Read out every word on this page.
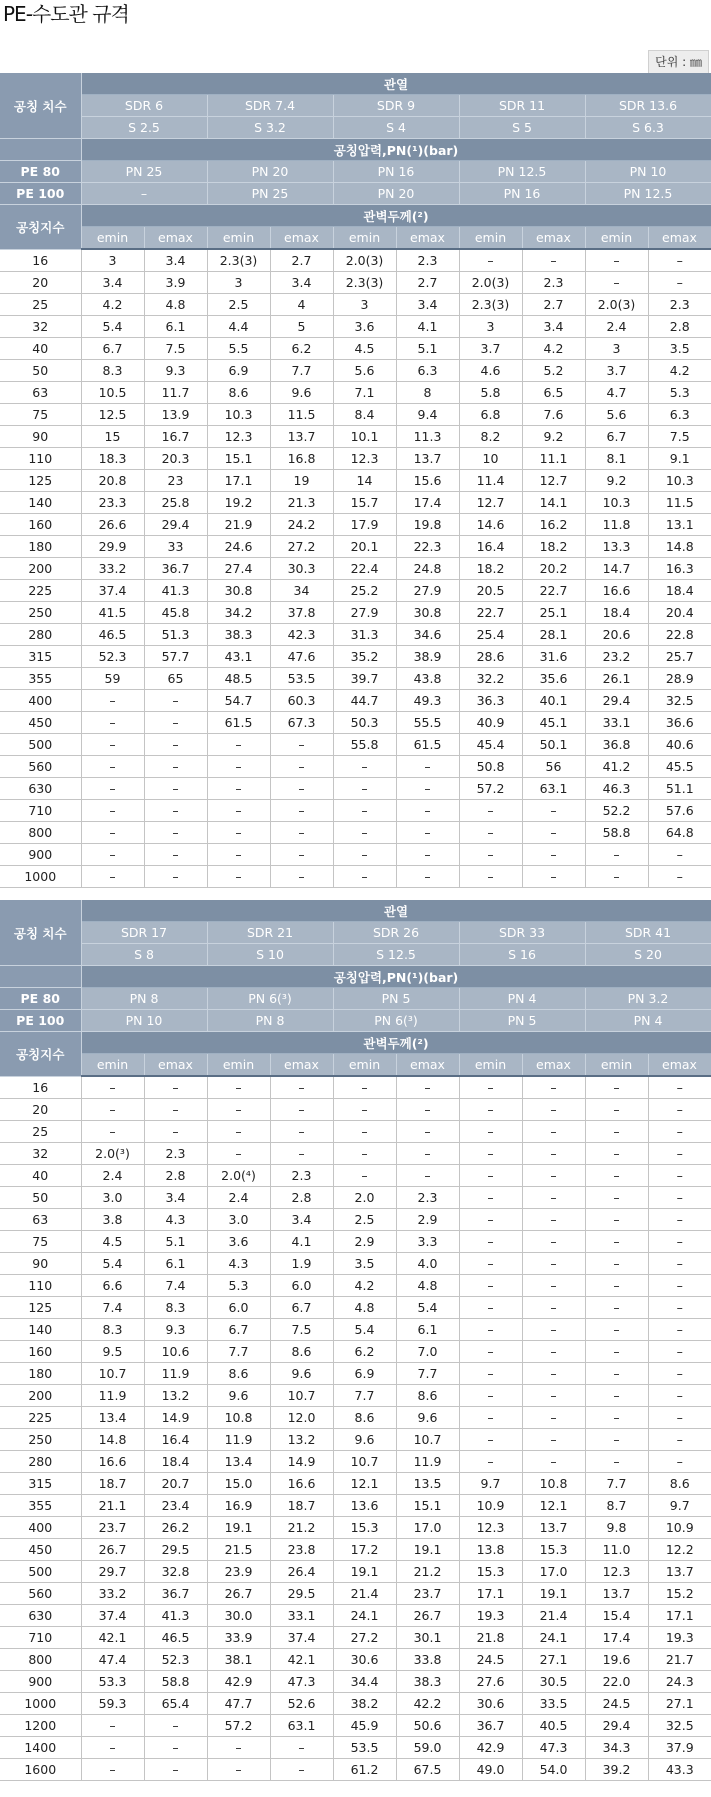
PE-수도관 규격
단위 : ㎜
공칭 치수	관열									
	SDR 6		SDR 7.4		SDR 9		SDR 11		SDR 13.6	
	S 2.5		S 3.2		S 4		S 5		S 6.3	
	공칭압력,PN(¹)(bar)									
PE 80	PN 25		PN 20		PN 16		PN 12.5		PN 10	
PE 100	–		PN 25		PN 20		PN 16		PN 12.5	
공칭지수	관벽두께(²)									
	emin	emax	emin	emax	emin	emax	emin	emax	emin	emax
16	3	3.4	2.3(3)	2.7	2.0(3)	2.3	–	–	–	–
20	3.4	3.9	3	3.4	2.3(3)	2.7	2.0(3)	2.3	–	–
25	4.2	4.8	2.5	4	3	3.4	2.3(3)	2.7	2.0(3)	2.3
32	5.4	6.1	4.4	5	3.6	4.1	3	3.4	2.4	2.8
40	6.7	7.5	5.5	6.2	4.5	5.1	3.7	4.2	3	3.5
50	8.3	9.3	6.9	7.7	5.6	6.3	4.6	5.2	3.7	4.2
63	10.5	11.7	8.6	9.6	7.1	8	5.8	6.5	4.7	5.3
75	12.5	13.9	10.3	11.5	8.4	9.4	6.8	7.6	5.6	6.3
90	15	16.7	12.3	13.7	10.1	11.3	8.2	9.2	6.7	7.5
110	18.3	20.3	15.1	16.8	12.3	13.7	10	11.1	8.1	9.1
125	20.8	23	17.1	19	14	15.6	11.4	12.7	9.2	10.3
140	23.3	25.8	19.2	21.3	15.7	17.4	12.7	14.1	10.3	11.5
160	26.6	29.4	21.9	24.2	17.9	19.8	14.6	16.2	11.8	13.1
180	29.9	33	24.6	27.2	20.1	22.3	16.4	18.2	13.3	14.8
200	33.2	36.7	27.4	30.3	22.4	24.8	18.2	20.2	14.7	16.3
225	37.4	41.3	30.8	34	25.2	27.9	20.5	22.7	16.6	18.4
250	41.5	45.8	34.2	37.8	27.9	30.8	22.7	25.1	18.4	20.4
280	46.5	51.3	38.3	42.3	31.3	34.6	25.4	28.1	20.6	22.8
315	52.3	57.7	43.1	47.6	35.2	38.9	28.6	31.6	23.2	25.7
355	59	65	48.5	53.5	39.7	43.8	32.2	35.6	26.1	28.9
400	–	–	54.7	60.3	44.7	49.3	36.3	40.1	29.4	32.5
450	–	–	61.5	67.3	50.3	55.5	40.9	45.1	33.1	36.6
500	–	–	–	–	55.8	61.5	45.4	50.1	36.8	40.6
560	–	–	–	–	–	–	50.8	56	41.2	45.5
630	–	–	–	–	–	–	57.2	63.1	46.3	51.1
710	–	–	–	–	–	–	–	–	52.2	57.6
800	–	–	–	–	–	–	–	–	58.8	64.8
900	–	–	–	–	–	–	–	–	–	–
1000	–	–	–	–	–	–	–	–	–	–
공칭 치수	관열									
	SDR 17		SDR 21		SDR 26		SDR 33		SDR 41	
	S 8		S 10		S 12.5		S 16		S 20	
	공칭압력,PN(¹)(bar)									
PE 80	PN 8		PN 6(³)		PN 5		PN 4		PN 3.2	
PE 100	PN 10		PN 8		PN 6(³)		PN 5		PN 4	
공칭지수	관벽두께(²)									
	emin	emax	emin	emax	emin	emax	emin	emax	emin	emax
16	–	–	–	–	–	–	–	–	–	–
20	–	–	–	–	–	–	–	–	–	–
25	–	–	–	–	–	–	–	–	–	–
32	2.0(³)	2.3	–	–	–	–	–	–	–	–
40	2.4	2.8	2.0(⁴)	2.3	–	–	–	–	–	–
50	3.0	3.4	2.4	2.8	2.0	2.3	–	–	–	–
63	3.8	4.3	3.0	3.4	2.5	2.9	–	–	–	–
75	4.5	5.1	3.6	4.1	2.9	3.3	–	–	–	–
90	5.4	6.1	4.3	1.9	3.5	4.0	–	–	–	–
110	6.6	7.4	5.3	6.0	4.2	4.8	–	–	–	–
125	7.4	8.3	6.0	6.7	4.8	5.4	–	–	–	–
140	8.3	9.3	6.7	7.5	5.4	6.1	–	–	–	–
160	9.5	10.6	7.7	8.6	6.2	7.0	–	–	–	–
180	10.7	11.9	8.6	9.6	6.9	7.7	–	–	–	–
200	11.9	13.2	9.6	10.7	7.7	8.6	–	–	–	–
225	13.4	14.9	10.8	12.0	8.6	9.6	–	–	–	–
250	14.8	16.4	11.9	13.2	9.6	10.7	–	–	–	–
280	16.6	18.4	13.4	14.9	10.7	11.9	–	–	–	–
315	18.7	20.7	15.0	16.6	12.1	13.5	9.7	10.8	7.7	8.6
355	21.1	23.4	16.9	18.7	13.6	15.1	10.9	12.1	8.7	9.7
400	23.7	26.2	19.1	21.2	15.3	17.0	12.3	13.7	9.8	10.9
450	26.7	29.5	21.5	23.8	17.2	19.1	13.8	15.3	11.0	12.2
500	29.7	32.8	23.9	26.4	19.1	21.2	15.3	17.0	12.3	13.7
560	33.2	36.7	26.7	29.5	21.4	23.7	17.1	19.1	13.7	15.2
630	37.4	41.3	30.0	33.1	24.1	26.7	19.3	21.4	15.4	17.1
710	42.1	46.5	33.9	37.4	27.2	30.1	21.8	24.1	17.4	19.3
800	47.4	52.3	38.1	42.1	30.6	33.8	24.5	27.1	19.6	21.7
900	53.3	58.8	42.9	47.3	34.4	38.3	27.6	30.5	22.0	24.3
1000	59.3	65.4	47.7	52.6	38.2	42.2	30.6	33.5	24.5	27.1
1200	–	–	57.2	63.1	45.9	50.6	36.7	40.5	29.4	32.5
1400	–	–	–	–	53.5	59.0	42.9	47.3	34.3	37.9
1600	–	–	–	–	61.2	67.5	49.0	54.0	39.2	43.3
